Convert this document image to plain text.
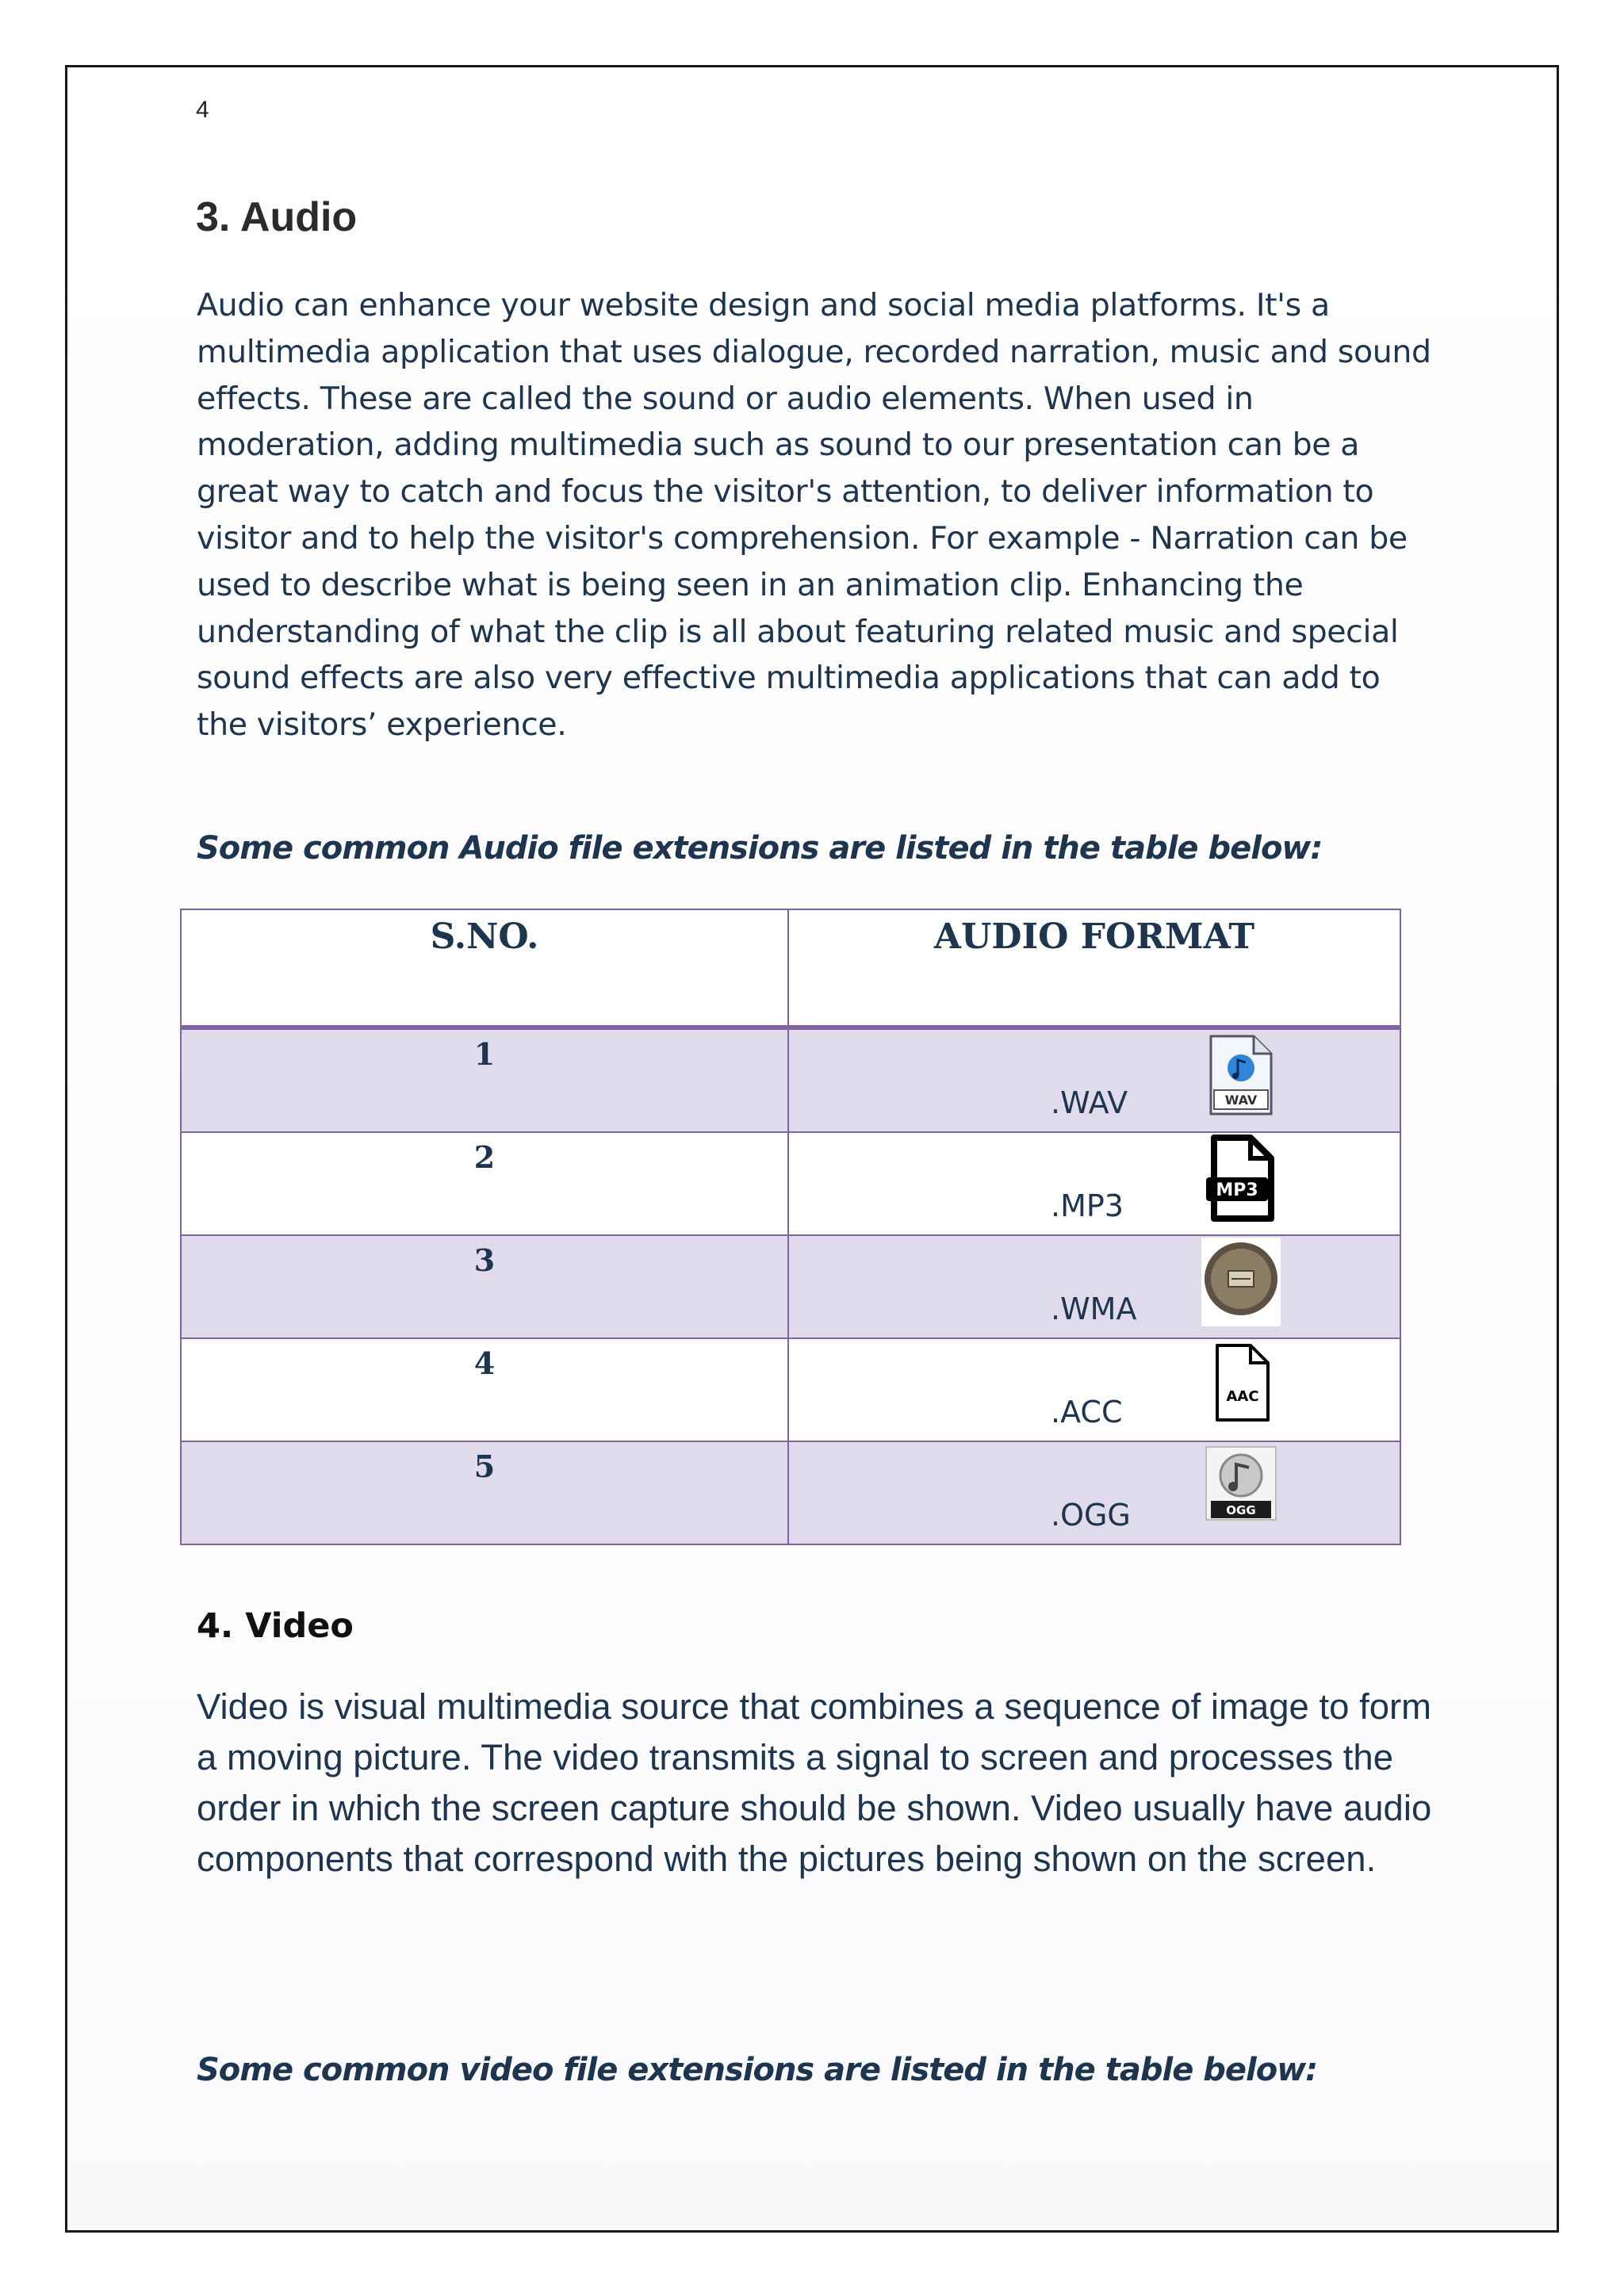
4
3. Audio

Audio can enhance your website design and social media platforms. It's a multimedia application that uses dialogue, recorded narration, music and sound effects. These are called the sound or audio elements. When used in moderation, adding multimedia such as sound to our presentation can be a great way to catch and focus the visitor's attention, to deliver information to visitor and to help the visitor's comprehension. For example - Narration can be used to describe what is being seen in an animation clip. Enhancing the understanding of what the clip is all about featuring related music and special sound effects are also very effective multimedia applications that can add to the visitors’ experience.

Some common Audio file extensions are listed in the table below:

S.NO.	AUDIO FORMAT
1	.WAV WAV

2	.MP3 MP3

3	.WMA

4	.ACC AAC

5	.OGG OGG
4. Video

Video is visual multimedia source that combines a sequence of image to form a moving picture. The video transmits a signal to screen and processes the order in which the screen capture should be shown. Video usually have audio components that correspond with the pictures being shown on the screen.

Some common video file extensions are listed in the table below:
